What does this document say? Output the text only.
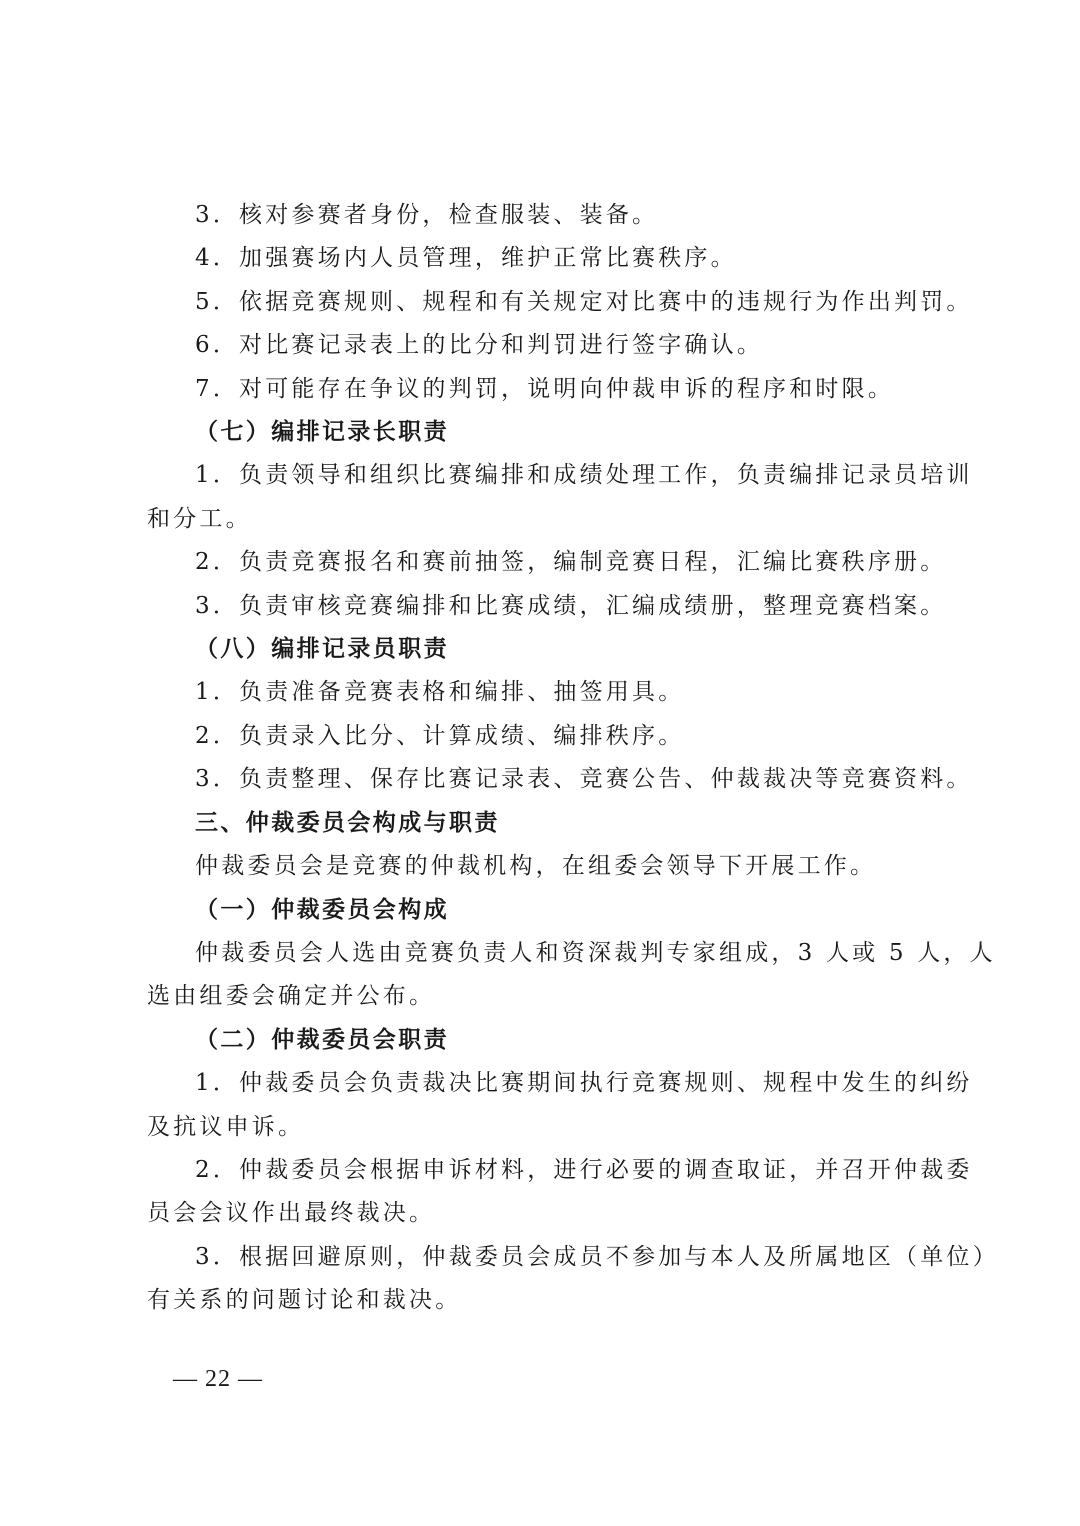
3．核对参赛者身份，检查服装、装备。

4．加强赛场内人员管理，维护正常比赛秩序。

5．依据竞赛规则、规程和有关规定对比赛中的违规行为作出判罚。

6．对比赛记录表上的比分和判罚进行签字确认。

7．对可能存在争议的判罚，说明向仲裁申诉的程序和时限。

（七）编排记录长职责

1．负责领导和组织比赛编排和成绩处理工作，负责编排记录员培训

和分工。

2．负责竞赛报名和赛前抽签，编制竞赛日程，汇编比赛秩序册。

3．负责审核竞赛编排和比赛成绩，汇编成绩册，整理竞赛档案。

（八）编排记录员职责

1．负责准备竞赛表格和编排、抽签用具。

2．负责录入比分、计算成绩、编排秩序。

3．负责整理、保存比赛记录表、竞赛公告、仲裁裁决等竞赛资料。

三、仲裁委员会构成与职责

仲裁委员会是竞赛的仲裁机构，在组委会领导下开展工作。

（一）仲裁委员会构成

仲裁委员会人选由竞赛负责人和资深裁判专家组成，3 人或 5 人，人

选由组委会确定并公布。

（二）仲裁委员会职责

1．仲裁委员会负责裁决比赛期间执行竞赛规则、规程中发生的纠纷

及抗议申诉。

2．仲裁委员会根据申诉材料，进行必要的调查取证，并召开仲裁委

员会会议作出最终裁决。

3．根据回避原则，仲裁委员会成员不参加与本人及所属地区（单位）

有关系的问题讨论和裁决。

— 22 —
